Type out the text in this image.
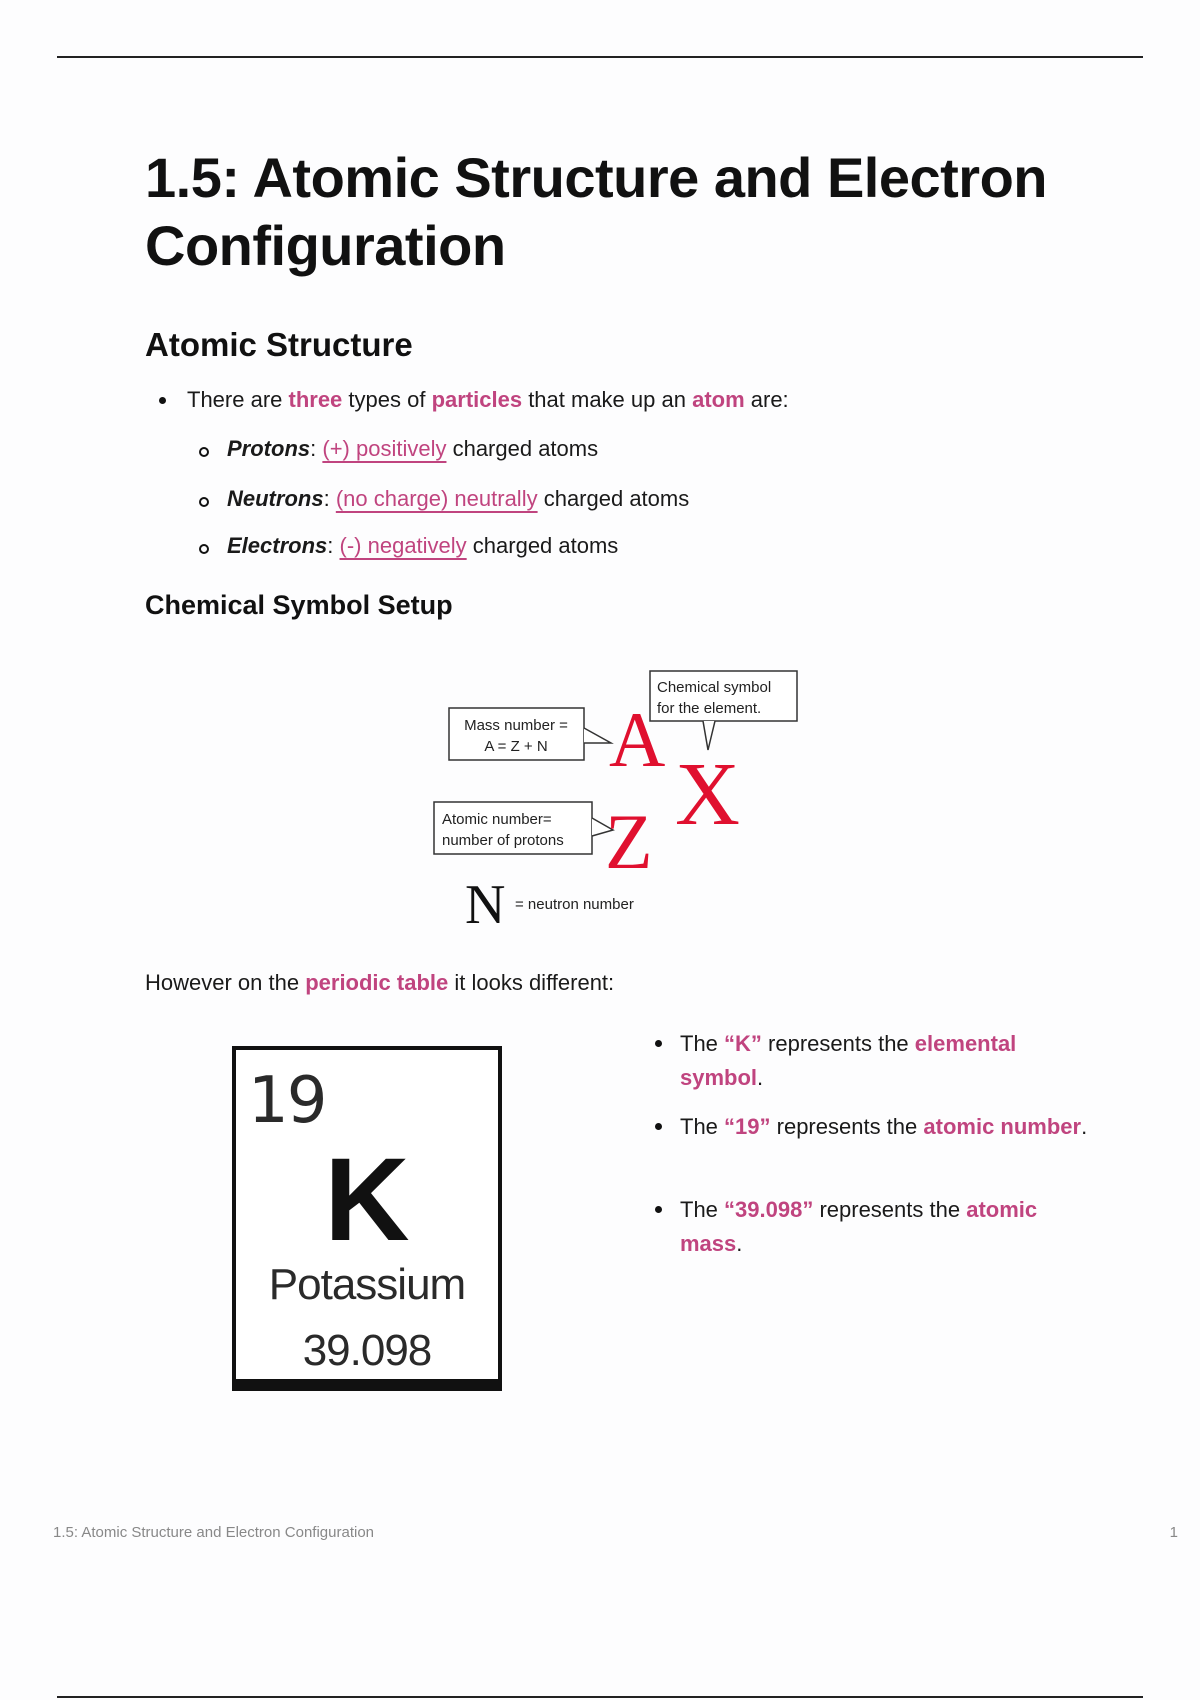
1.5: Atomic Structure and Electron Configuration
Atomic Structure
There are three types of particles that make up an atom are:
Protons: (+) positively charged atoms
Neutrons: (no charge) neutrally charged atoms
Electrons: (-) negatively charged atoms
Chemical Symbol Setup
However on the periodic table it looks different:
Mass number =
A = Z + N
Chemical symbol
for the element.
Atomic number=
number of protons
A
X
Z
N = neutron number
19
K
Potassium
39.098
The “K” represents the elemental symbol.
The “19” represents the atomic number.
The “39.098” represents the atomic mass.
1.5: Atomic Structure and Electron Configuration	1
